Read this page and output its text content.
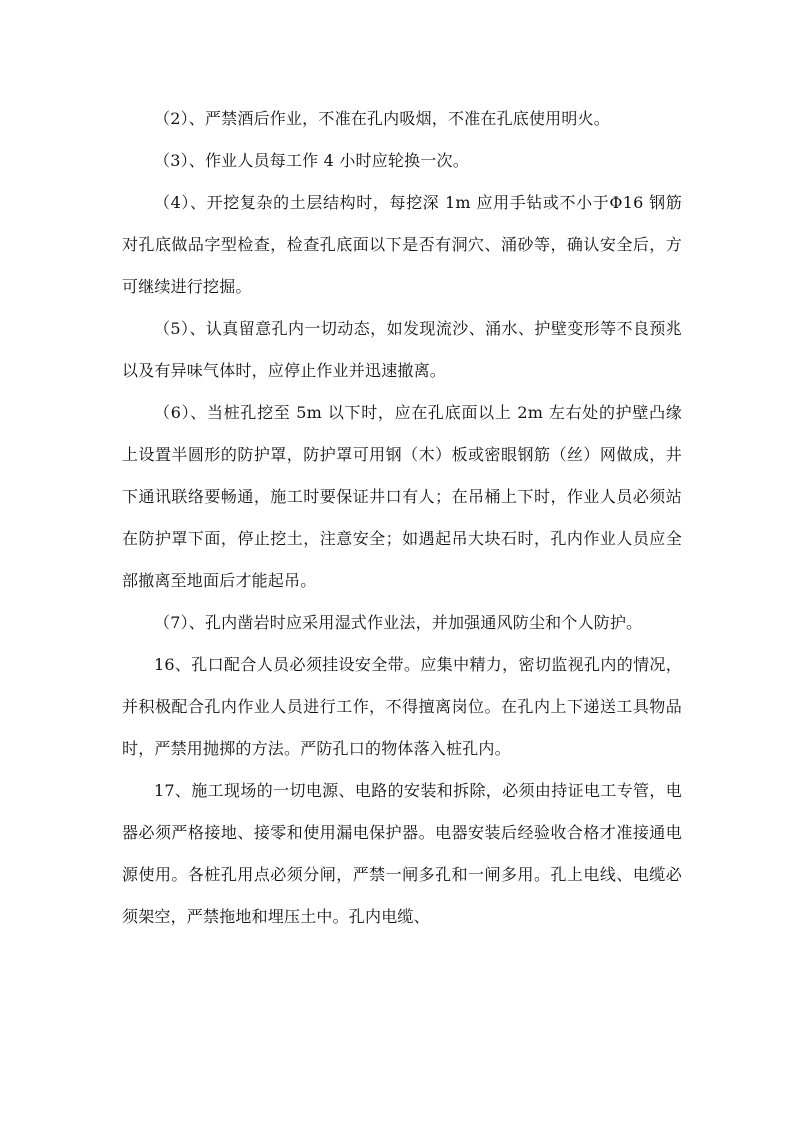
（2）、严禁酒后作业，不准在孔内吸烟，不准在孔底使用明火。

（3）、作业人员每工作 4 小时应轮换一次。

（4）、开挖复杂的土层结构时，每挖深 1m 应用手钻或不小于Φ16 钢筋对孔底做品字型检查，检查孔底面以下是否有洞穴、涌砂等，确认安全后，方可继续进行挖掘。

（5）、认真留意孔内一切动态，如发现流沙、涌水、护壁变形等不良预兆以及有异味气体时，应停止作业并迅速撤离。

（6）、当桩孔挖至 5m 以下时，应在孔底面以上 2m 左右处的护壁凸缘上设置半圆形的防护罩，防护罩可用钢（木）板或密眼钢筋（丝）网做成，井下通讯联络要畅通，施工时要保证井口有人；在吊桶上下时，作业人员必须站在防护罩下面，停止挖土，注意安全；如遇起吊大块石时，孔内作业人员应全部撤离至地面后才能起吊。

（7）、孔内凿岩时应采用湿式作业法，并加强通风防尘和个人防护。

16、孔口配合人员必须挂设安全带。应集中精力，密切监视孔内的情况，并积极配合孔内作业人员进行工作，不得擅离岗位。在孔内上下递送工具物品时，严禁用抛掷的方法。严防孔口的物体落入桩孔内。

17、施工现场的一切电源、电路的安装和拆除，必须由持证电工专管，电器必须严格接地、接零和使用漏电保护器。电器安装后经验收合格才准接通电源使用。各桩孔用点必须分闸，严禁一闸多孔和一闸多用。孔上电线、电缆必须架空，严禁拖地和埋压土中。孔内电缆、
